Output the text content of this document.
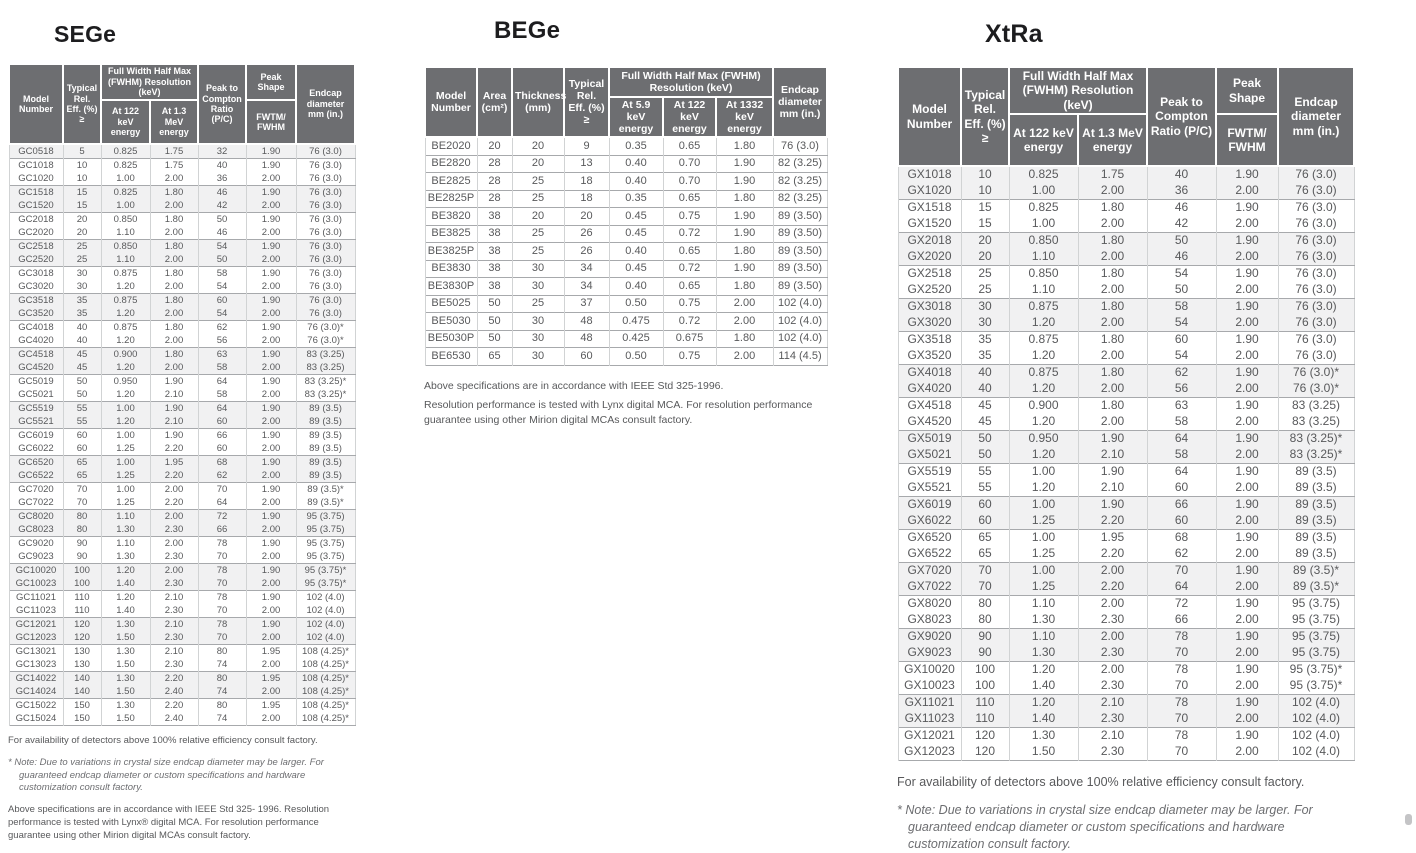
SEGe
Model Number	Typical Rel. Eff. (%) ≥	Full Width Half Max (FWHM) Resolution (keV)		Peak to Compton Ratio (P/C)	Peak Shape	Endcap diameter mm (in.)
		At 122 keV energy	At 1.3 MeV energy		FWTM/ FWHM	
GC0518	5	0.825	1.75	32	1.90	76 (3.0)
GC1018	10	0.825	1.75	40	1.90	76 (3.0)
GC1020	10	1.00	2.00	36	2.00	76 (3.0)
GC1518	15	0.825	1.80	46	1.90	76 (3.0)
GC1520	15	1.00	2.00	42	2.00	76 (3.0)
GC2018	20	0.850	1.80	50	1.90	76 (3.0)
GC2020	20	1.10	2.00	46	2.00	76 (3.0)
GC2518	25	0.850	1.80	54	1.90	76 (3.0)
GC2520	25	1.10	2.00	50	2.00	76 (3.0)
GC3018	30	0.875	1.80	58	1.90	76 (3.0)
GC3020	30	1.20	2.00	54	2.00	76 (3.0)
GC3518	35	0.875	1.80	60	1.90	76 (3.0)
GC3520	35	1.20	2.00	54	2.00	76 (3.0)
GC4018	40	0.875	1.80	62	1.90	76 (3.0)*
GC4020	40	1.20	2.00	56	2.00	76 (3.0)*
GC4518	45	0.900	1.80	63	1.90	83 (3.25)
GC4520	45	1.20	2.00	58	2.00	83 (3.25)
GC5019	50	0.950	1.90	64	1.90	83 (3.25)*
GC5021	50	1.20	2.10	58	2.00	83 (3.25)*
GC5519	55	1.00	1.90	64	1.90	89 (3.5)
GC5521	55	1.20	2.10	60	2.00	89 (3.5)
GC6019	60	1.00	1.90	66	1.90	89 (3.5)
GC6022	60	1.25	2.20	60	2.00	89 (3.5)
GC6520	65	1.00	1.95	68	1.90	89 (3.5)
GC6522	65	1.25	2.20	62	2.00	89 (3.5)
GC7020	70	1.00	2.00	70	1.90	89 (3.5)*
GC7022	70	1.25	2.20	64	2.00	89 (3.5)*
GC8020	80	1.10	2.00	72	1.90	95 (3.75)
GC8023	80	1.30	2.30	66	2.00	95 (3.75)
GC9020	90	1.10	2.00	78	1.90	95 (3.75)
GC9023	90	1.30	2.30	70	2.00	95 (3.75)
GC10020	100	1.20	2.00	78	1.90	95 (3.75)*
GC10023	100	1.40	2.30	70	2.00	95 (3.75)*
GC11021	110	1.20	2.10	78	1.90	102 (4.0)
GC11023	110	1.40	2.30	70	2.00	102 (4.0)
GC12021	120	1.30	2.10	78	1.90	102 (4.0)
GC12023	120	1.50	2.30	70	2.00	102 (4.0)
GC13021	130	1.30	2.10	80	1.95	108 (4.25)*
GC13023	130	1.50	2.30	74	2.00	108 (4.25)*
GC14022	140	1.30	2.20	80	1.95	108 (4.25)*
GC14024	140	1.50	2.40	74	2.00	108 (4.25)*
GC15022	150	1.30	2.20	80	1.95	108 (4.25)*
GC15024	150	1.50	2.40	74	2.00	108 (4.25)*

For availability of detectors above 100% relative efficiency consult factory.

* Note: Due to variations in crystal size endcap diameter may be larger. For guaranteed endcap diameter or custom specifications and hardware customization consult factory.

Above specifications are in accordance with IEEE Std 325- 1996. Resolution performance is tested with Lynx® digital MCA. For resolution performance guarantee using other Mirion digital MCAs consult factory.

BEGe
Model Number	Area (cm²)	Thickness (mm)	Typical Rel. Eff. (%) ≥	Full Width Half Max (FWHM) Resolution (keV)			Endcap diameter mm (in.)
				At 5.9 keV energy	At 122 keV energy	At 1332 keV energy	
BE2020	20	20	9	0.35	0.65	1.80	76 (3.0)
BE2820	28	20	13	0.40	0.70	1.90	82 (3.25)
BE2825	28	25	18	0.40	0.70	1.90	82 (3.25)
BE2825P	28	25	18	0.35	0.65	1.80	82 (3.25)
BE3820	38	20	20	0.45	0.75	1.90	89 (3.50)
BE3825	38	25	26	0.45	0.72	1.90	89 (3.50)
BE3825P	38	25	26	0.40	0.65	1.80	89 (3.50)
BE3830	38	30	34	0.45	0.72	1.90	89 (3.50)
BE3830P	38	30	34	0.40	0.65	1.80	89 (3.50)
BE5025	50	25	37	0.50	0.75	2.00	102 (4.0)
BE5030	50	30	48	0.475	0.72	2.00	102 (4.0)
BE5030P	50	30	48	0.425	0.675	1.80	102 (4.0)
BE6530	65	30	60	0.50	0.75	2.00	114 (4.5)

Above specifications are in accordance with IEEE Std 325-1996.

Resolution performance is tested with Lynx digital MCA. For resolution performance guarantee using other Mirion digital MCAs consult factory.

XtRa
Model Number	Typical Rel. Eff. (%) ≥	Full Width Half Max (FWHM) Resolution (keV)		Peak to Compton Ratio (P/C)	Peak Shape	Endcap diameter mm (in.)
		At 122 keV energy	At 1.3 MeV energy		FWTM/ FWHM	
GX1018	10	0.825	1.75	40	1.90	76 (3.0)
GX1020	10	1.00	2.00	36	2.00	76 (3.0)
GX1518	15	0.825	1.80	46	1.90	76 (3.0)
GX1520	15	1.00	2.00	42	2.00	76 (3.0)
GX2018	20	0.850	1.80	50	1.90	76 (3.0)
GX2020	20	1.10	2.00	46	2.00	76 (3.0)
GX2518	25	0.850	1.80	54	1.90	76 (3.0)
GX2520	25	1.10	2.00	50	2.00	76 (3.0)
GX3018	30	0.875	1.80	58	1.90	76 (3.0)
GX3020	30	1.20	2.00	54	2.00	76 (3.0)
GX3518	35	0.875	1.80	60	1.90	76 (3.0)
GX3520	35	1.20	2.00	54	2.00	76 (3.0)
GX4018	40	0.875	1.80	62	1.90	76 (3.0)*
GX4020	40	1.20	2.00	56	2.00	76 (3.0)*
GX4518	45	0.900	1.80	63	1.90	83 (3.25)
GX4520	45	1.20	2.00	58	2.00	83 (3.25)
GX5019	50	0.950	1.90	64	1.90	83 (3.25)*
GX5021	50	1.20	2.10	58	2.00	83 (3.25)*
GX5519	55	1.00	1.90	64	1.90	89 (3.5)
GX5521	55	1.20	2.10	60	2.00	89 (3.5)
GX6019	60	1.00	1.90	66	1.90	89 (3.5)
GX6022	60	1.25	2.20	60	2.00	89 (3.5)
GX6520	65	1.00	1.95	68	1.90	89 (3.5)
GX6522	65	1.25	2.20	62	2.00	89 (3.5)
GX7020	70	1.00	2.00	70	1.90	89 (3.5)*
GX7022	70	1.25	2.20	64	2.00	89 (3.5)*
GX8020	80	1.10	2.00	72	1.90	95 (3.75)
GX8023	80	1.30	2.30	66	2.00	95 (3.75)
GX9020	90	1.10	2.00	78	1.90	95 (3.75)
GX9023	90	1.30	2.30	70	2.00	95 (3.75)
GX10020	100	1.20	2.00	78	1.90	95 (3.75)*
GX10023	100	1.40	2.30	70	2.00	95 (3.75)*
GX11021	110	1.20	2.10	78	1.90	102 (4.0)
GX11023	110	1.40	2.30	70	2.00	102 (4.0)
GX12021	120	1.30	2.10	78	1.90	102 (4.0)
GX12023	120	1.50	2.30	70	2.00	102 (4.0)

For availability of detectors above 100% relative efficiency consult factory.

* Note: Due to variations in crystal size endcap diameter may be larger. For guaranteed endcap diameter or custom specifications and hardware customization consult factory.
